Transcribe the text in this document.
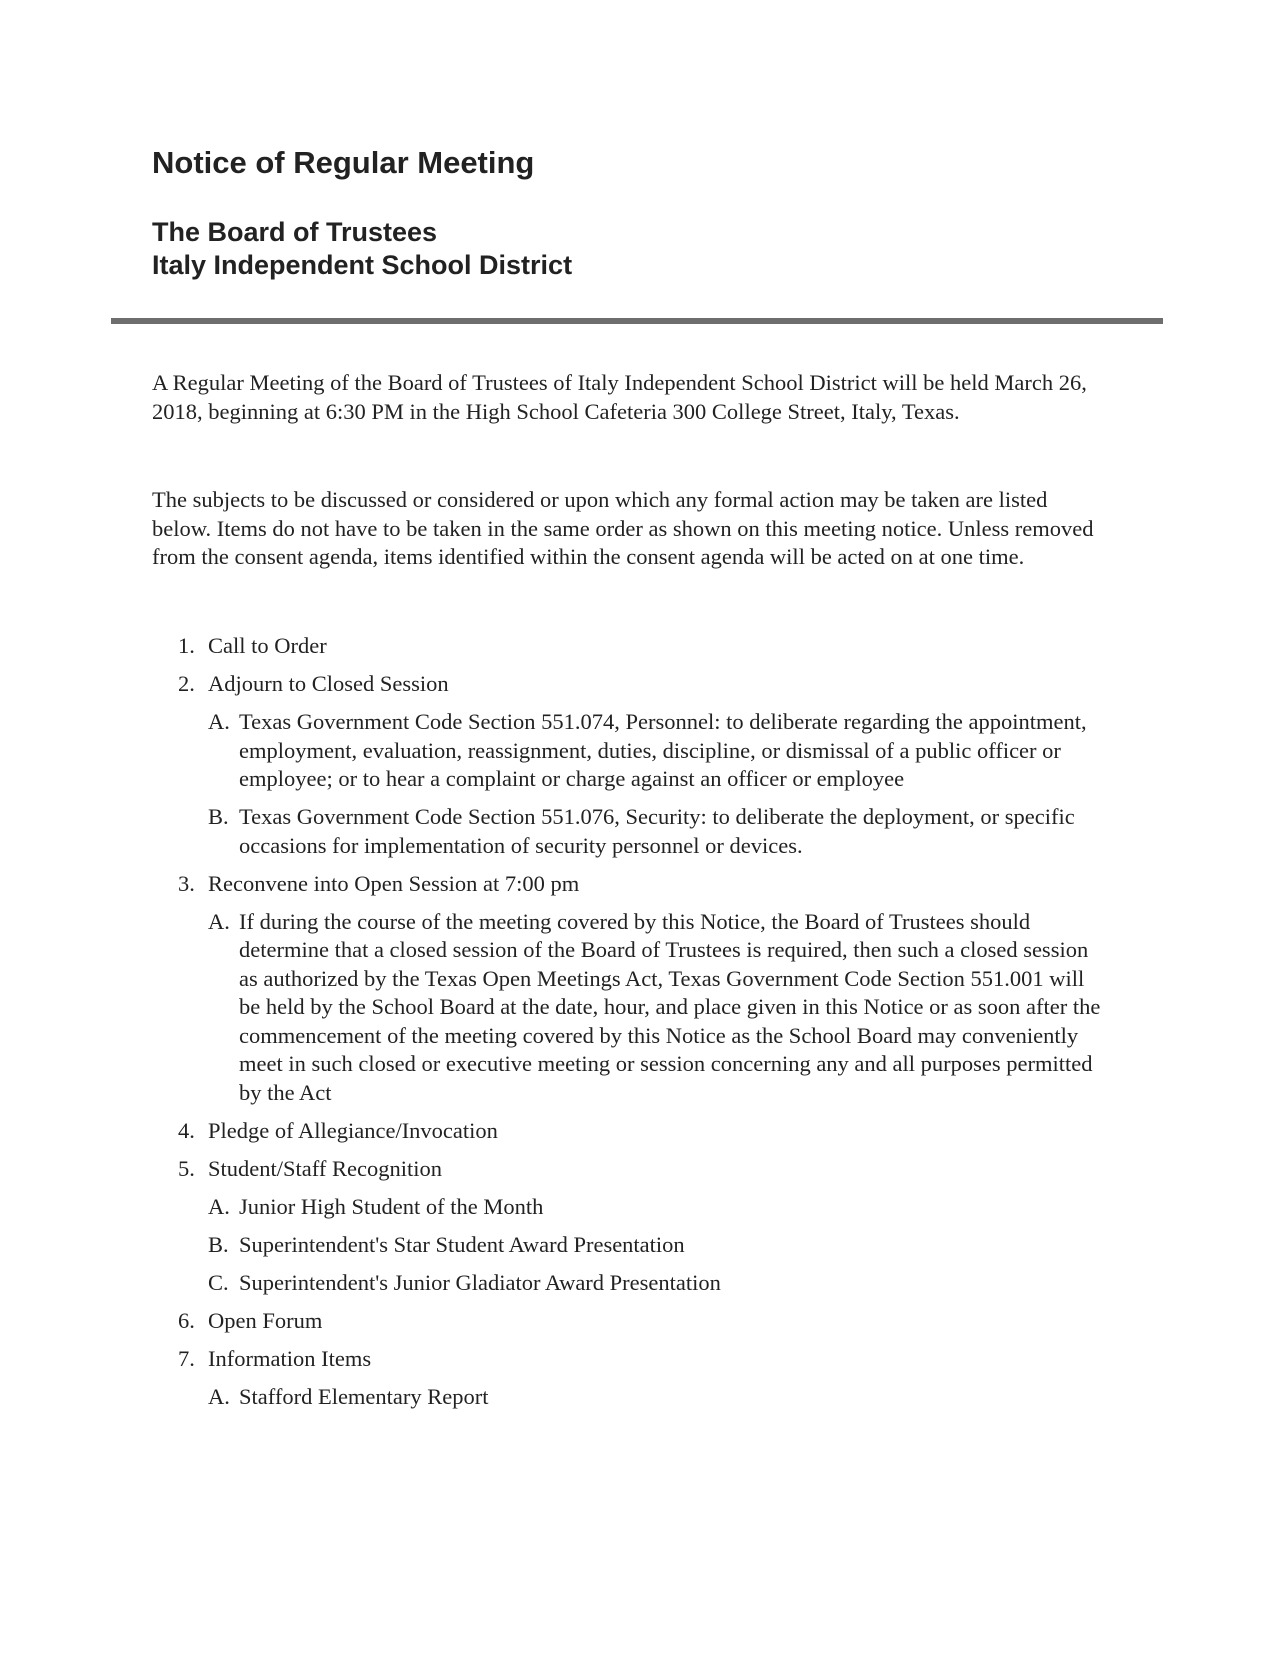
Notice of Regular Meeting
The Board of Trustees
Italy Independent School District

A Regular Meeting of the Board of Trustees of Italy Independent School District will be held March 26, 2018, beginning at 6:30 PM in the High School Cafeteria 300 College Street, Italy, Texas.

The subjects to be discussed or considered or upon which any formal action may be taken are listed below. Items do not have to be taken in the same order as shown on this meeting notice. Unless removed from the consent agenda, items identified within the consent agenda will be acted on at one time.

1. Call to Order
2. Adjourn to Closed Session
A. Texas Government Code Section 551.074, Personnel: to deliberate regarding the appointment, employment, evaluation, reassignment, duties, discipline, or dismissal of a public officer or employee; or to hear a complaint or charge against an officer or employee
B. Texas Government Code Section 551.076, Security: to deliberate the deployment, or specific occasions for implementation of security personnel or devices.
3. Reconvene into Open Session at 7:00 pm
A. If during the course of the meeting covered by this Notice, the Board of Trustees should determine that a closed session of the Board of Trustees is required, then such a closed session as authorized by the Texas Open Meetings Act, Texas Government Code Section 551.001 will be held by the School Board at the date, hour, and place given in this Notice or as soon after the commencement of the meeting covered by this Notice as the School Board may conveniently meet in such closed or executive meeting or session concerning any and all purposes permitted by the Act
4. Pledge of Allegiance/Invocation
5. Student/Staff Recognition
A. Junior High Student of the Month
B. Superintendent's Star Student Award Presentation
C. Superintendent's Junior Gladiator Award Presentation
6. Open Forum
7. Information Items
A. Stafford Elementary Report
